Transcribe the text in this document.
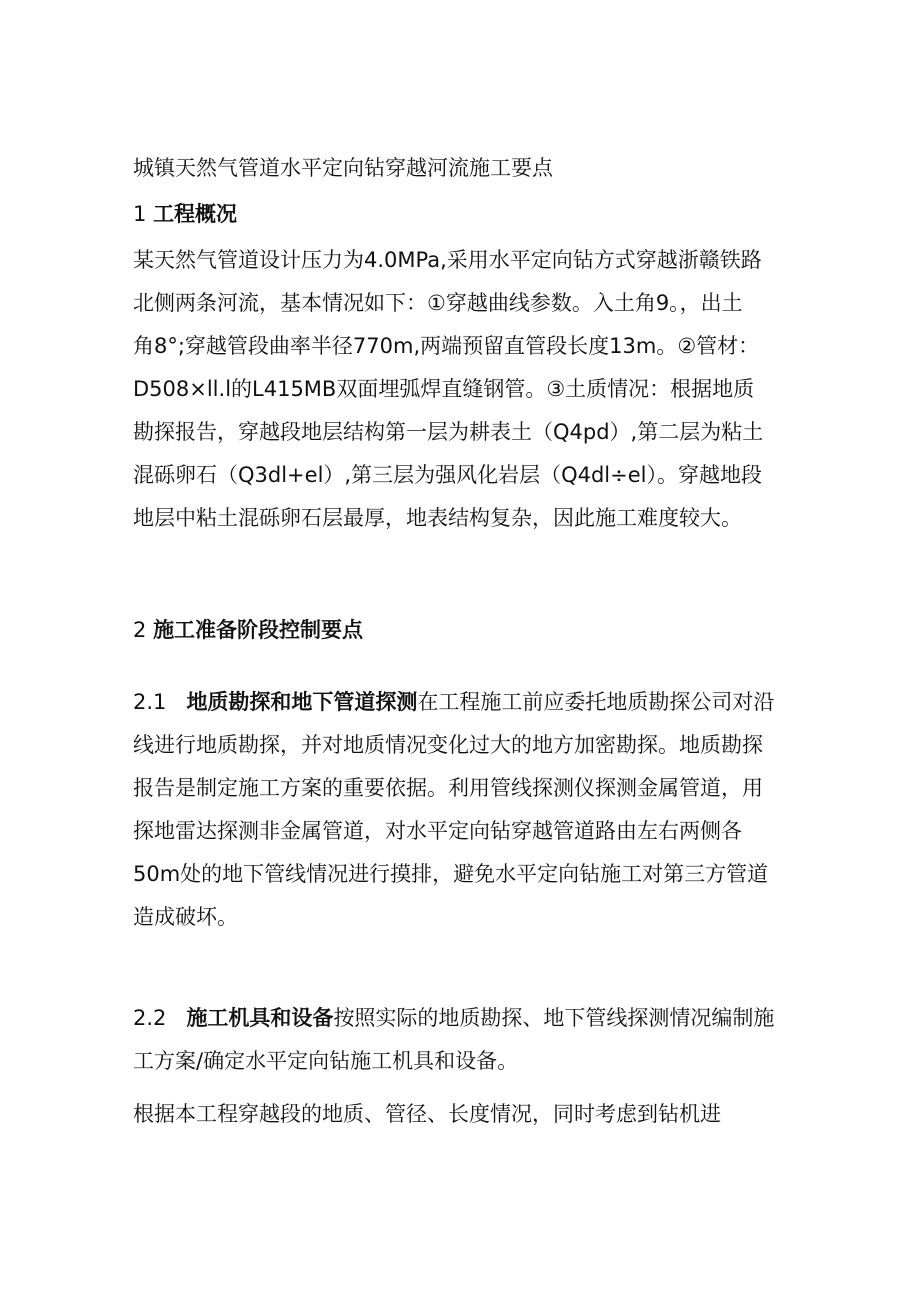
城镇天然气管道水平定向钻穿越河流施工要点
1 工程概况
某天然气管道设计压力为4.0MPa,采用水平定向钻方式穿越浙赣铁路
北侧两条河流，基本情况如下：①穿越曲线参数。入土角9。，出土
角8°;穿越管段曲率半径770m,两端预留直管段长度13m。②管材：
D508×ll.l的L415MB双面埋弧焊直缝钢管。③土质情况：根据地质
勘探报告，穿越段地层结构第一层为耕表土（Q4pd）,第二层为粘土
混砾卵石（Q3dl+el）,第三层为强风化岩层（Q4dl÷el）。穿越地段
地层中粘土混砾卵石层最厚，地表结构复杂，因此施工难度较大。
2 施工准备阶段控制要点
2.1 地质勘探和地下管道探测在工程施工前应委托地质勘探公司对沿
线进行地质勘探，并对地质情况变化过大的地方加密勘探。地质勘探
报告是制定施工方案的重要依据。利用管线探测仪探测金属管道，用
探地雷达探测非金属管道，对水平定向钻穿越管道路由左右两侧各
50m处的地下管线情况进行摸排，避免水平定向钻施工对第三方管道
造成破坏。
2.2 施工机具和设备按照实际的地质勘探、地下管线探测情况编制施
工方案/确定水平定向钻施工机具和设备。
根据本工程穿越段的地质、管径、长度情况，同时考虑到钻机进
